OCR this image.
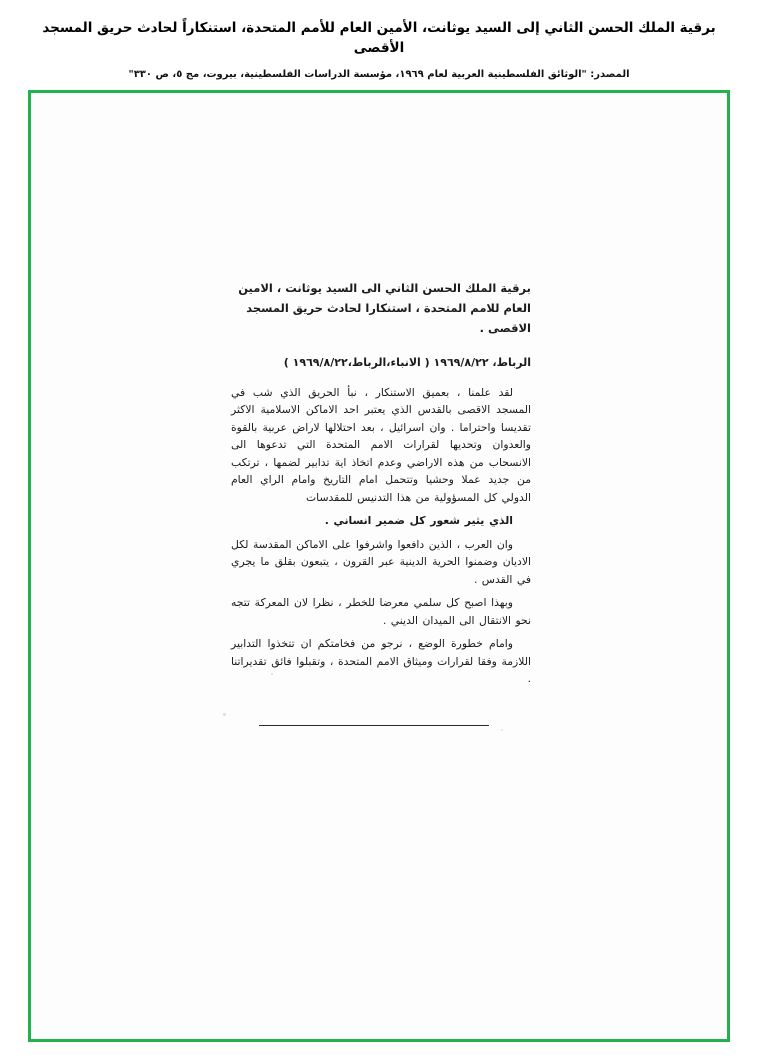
برقية الملك الحسن الثاني إلى السيد يوثانت، الأمين العام للأمم المتحدة، استنكاراً لحادث حريق المسجد الأقصى
المصدر: "الوثائق الفلسطينية العربية لعام ١٩٦٩، مؤسسة الدراسات الفلسطينية، بيروت، مج ٥، ص ٣٣٠"
برقية الملك الحسن الثاني الى السيد يوثانت ، الامين العام للامم المتحدة ، استنكارا لحادث حريق المسجد الاقصى .
الرباط، ١٩٦٩/٨/٢٢ ( الانباء،الرباط،١٩٦٩/٨/٢٢ )

لقد علمنا ، بعميق الاستنكار ، نبأ الحريق الذي شب في المسجد الاقصى بالقدس الذي يعتبر احد الاماكن الاسلامية الاكثر تقديسا واحتراما . وان اسرائيل ، بعد احتلالها لاراض عربية بالقوة والعدوان وتحديها لقرارات الامم المتحدة التي تدعوها الى الانسحاب من هذه الاراضي وعدم اتخاذ اية تدابير لضمها ، ترتكب من جديد عملا وحشيا وتتحمل امام التاريخ وامام الراي العام الدولي كل المسؤولية من هذا التدنيس للمقدسات

الذي يثير شعور كل ضمير انساني .

وان العرب ، الذين دافعوا واشرفوا على الاماكن المقدسة لكل الاديان وضمنوا الحرية الدينية عبر القرون ، يتبعون بقلق ما يجري في القدس .

وبهذا اصبح كل سلمي معرضا للخطر ، نظرا لان المعركة تتجه نحو الانتقال الى الميدان الديني .

وامام خطورة الوضع ، نرجو من فخامتكم ان تتخذوا التدابير اللازمة وفقا لقرارات وميثاق الامم المتحدة ، وتقبلوا فائق تقديراتنا .
